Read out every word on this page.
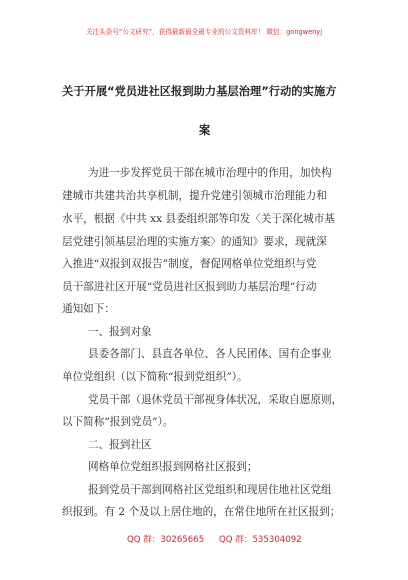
关注头条号“公文研究”，获得最新最全最专业的公文资料库！ 微信：gongwenyj
关于开展“党员进社区报到助力基层治理”行动的实施方
案
为进一步发挥党员干部在城市治理中的作用，加快构
建城市共建共治共享机制，提升党建引领城市治理能力和
水平，根据《中共 xx 县委组织部等印发〈关于深化城市基
层党建引领基层治理的实施方案〉的通知》要求，现就深
入推进“双报到双报告”制度，督促网格单位党组织与党
员干部进社区开展“党员进社区报到助力基层治理”行动
通知如下：
一、报到对象
县委各部门、县直各单位、各人民团体、国有企事业
单位党组织（以下简称“报到党组织”）。
党员干部（退休党员干部视身体状况，采取自愿原则，
以下简称“报到党员”）。
二、报到社区
网格单位党组织报到网格社区报到；
报到党员干部到网格社区党组织和现居住地社区党组
织报到。有 2 个及以上居住地的，在常住地所在社区报到；
QQ 群：30265665 QQ 群：535304092
